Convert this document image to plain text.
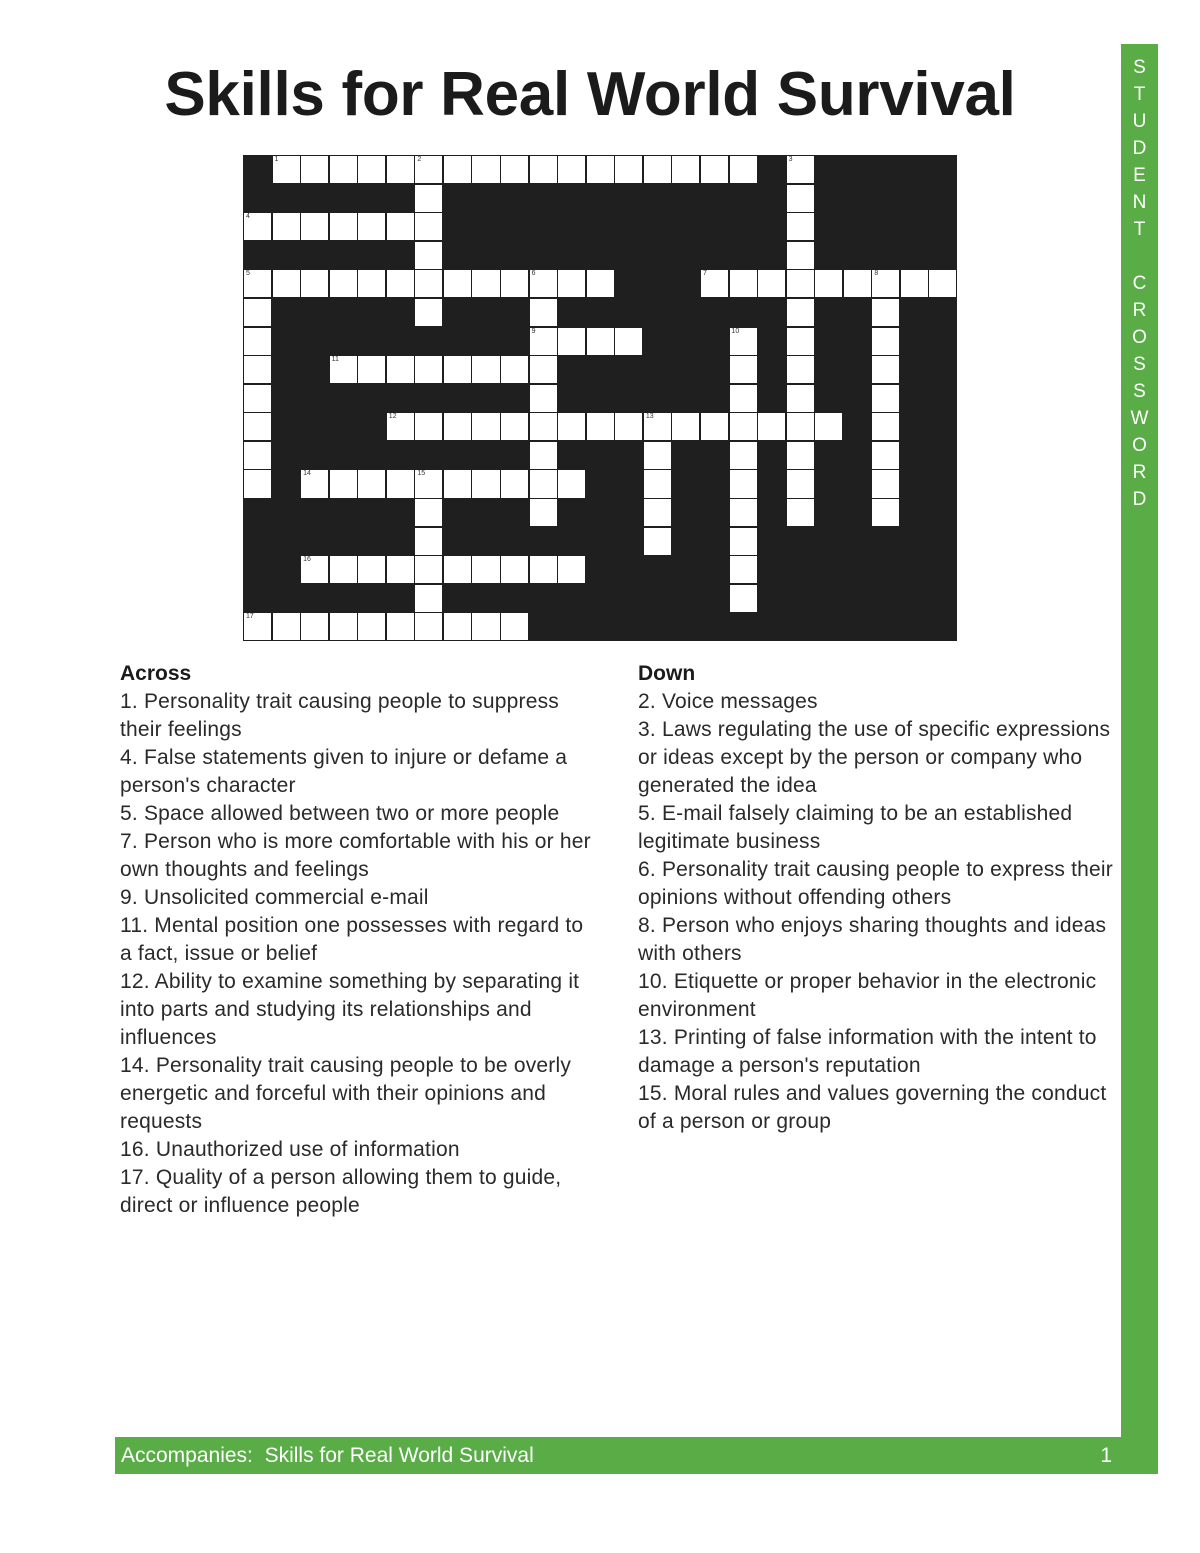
Skills for Real World Survival
1	2	3
4
5	6
9
7	8
10
11
12	13
14	15
16
17
Across
1. Personality trait causing people to suppress their feelings
4. False statements given to injure or defame a person's character
5. Space allowed between two or more people
7. Person who is more comfortable with his or her own thoughts and feelings
9. Unsolicited commercial e-mail
11. Mental position one possesses with regard to a fact, issue or belief
12. Ability to examine something by separating it into parts and studying its relationships and influences
14. Personality trait causing people to be overly energetic and forceful with their opinions and requests
16. Unauthorized use of information
17. Quality of a person allowing them to guide, direct or influence people
Down
2. Voice messages
3. Laws regulating the use of specific expressions or ideas except by the person or company who generated the idea
5. E-mail falsely claiming to be an established legitimate business
6. Personality trait causing people to express their opinions without offending others
8. Person who enjoys sharing thoughts and ideas with others
10. Etiquette or proper behavior in the electronic environment
13. Printing of false information with the intent to damage a person's reputation
15. Moral rules and values governing the conduct of a person or group
S
T
U
D
E
N
T

C
R
O
S
S
W
O
R
D
Accompanies:  Skills for Real World Survival	1
